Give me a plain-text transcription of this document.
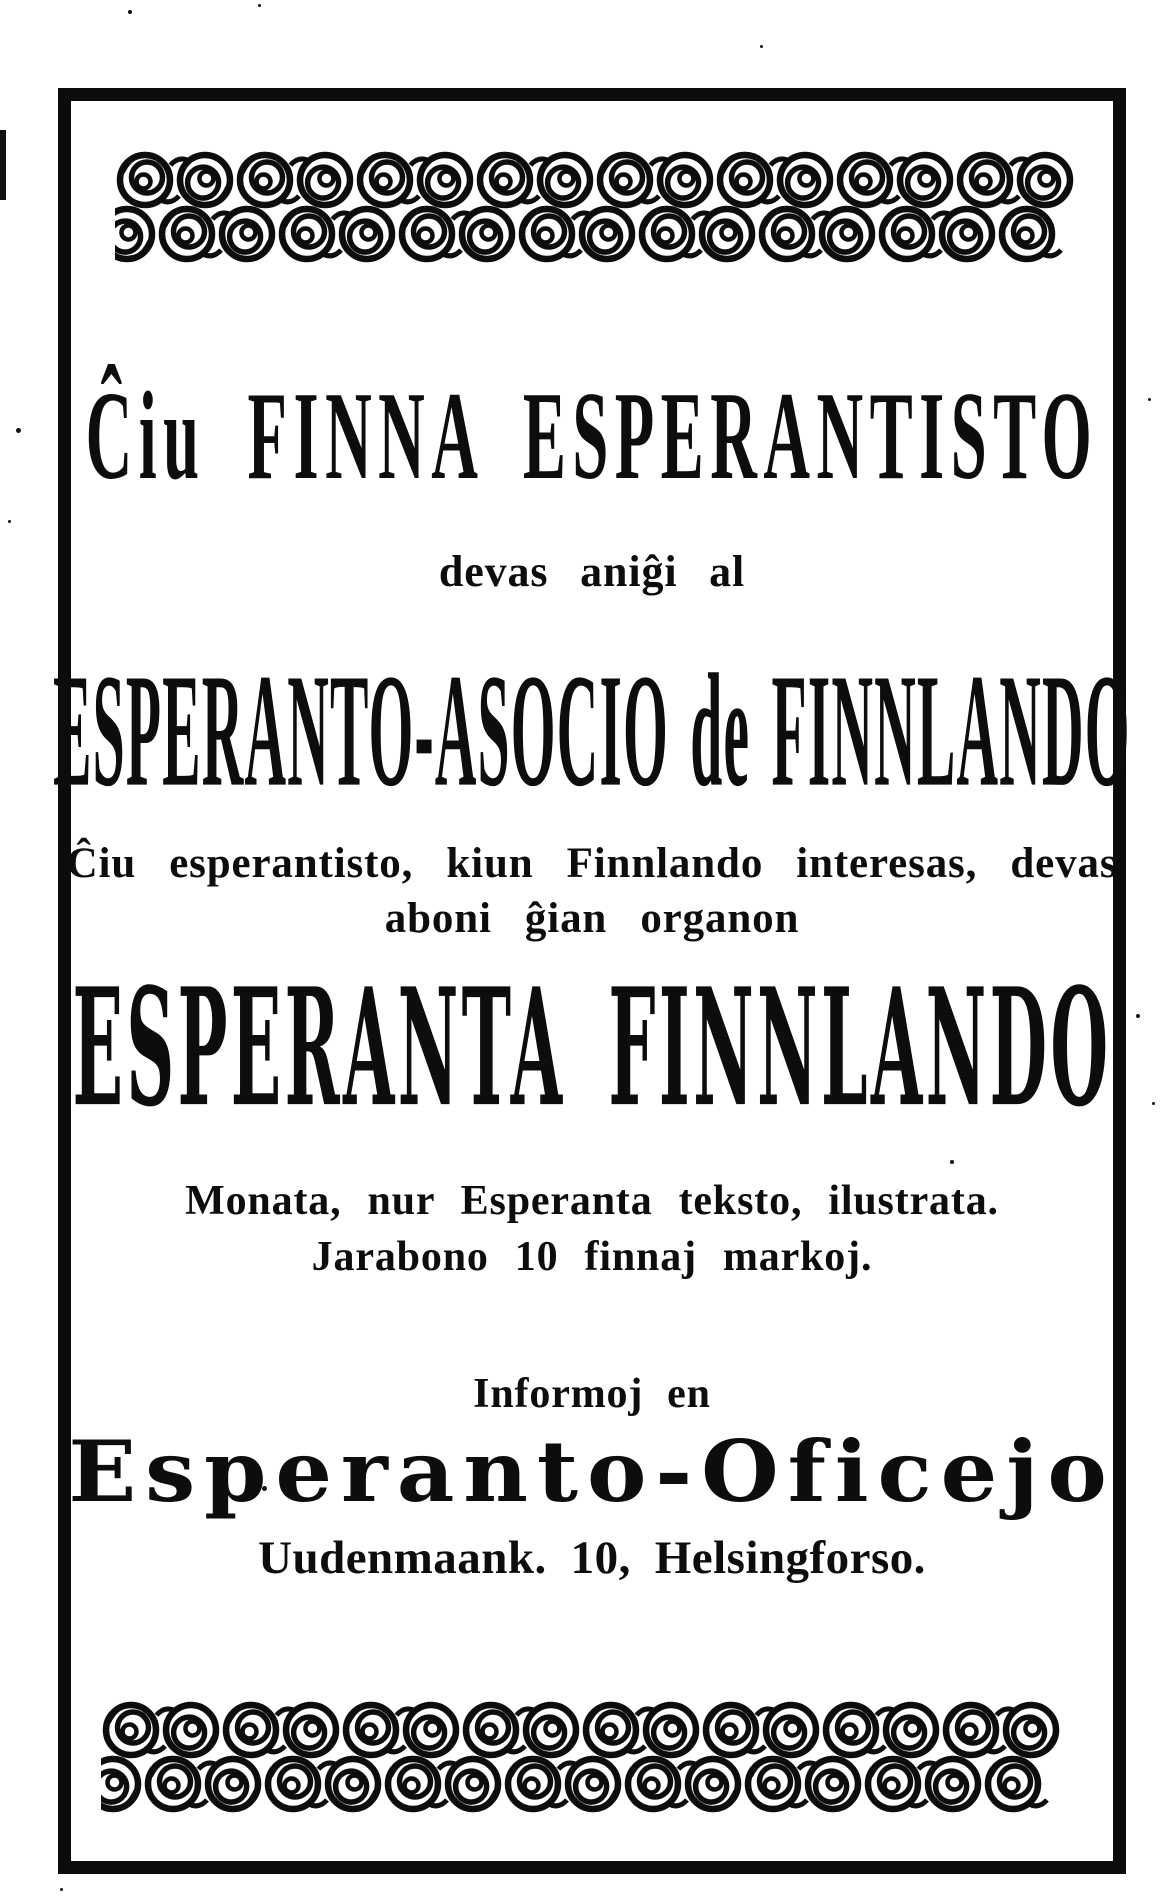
Ĉiu FINNA ESPERANTISTO
devas aniĝi al
ESPERANTO-ASOCIO de FINNLANDO
Ĉiu esperantisto, kiun Finnlando interesas, devas
aboni ĝian organon
ESPERANTA FINNLANDO
Monata, nur Esperanta teksto, ilustrata.
Jarabono 10 finnaj markoj.
Informoj en
Esperanto-Oficejo
Uudenmaank. 10, Helsingforso.
